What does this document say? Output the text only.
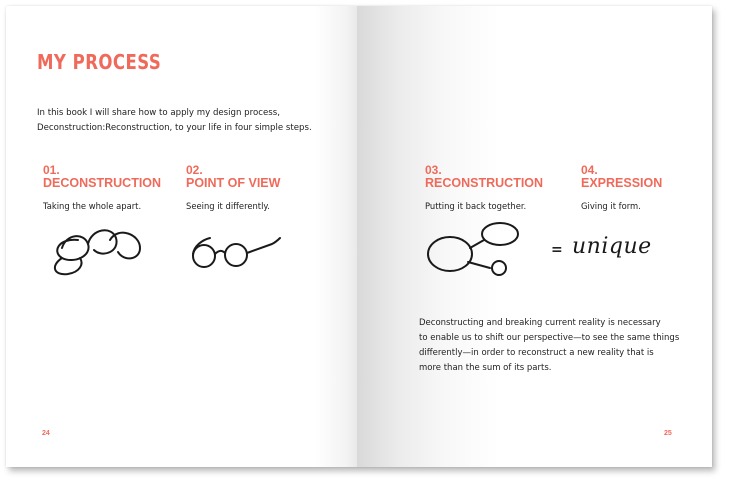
MY PROCESS
In this book I will share how to apply my design process,
Deconstruction:Reconstruction, to your life in four simple steps.
01.
DECONSTRUCTION
Taking the whole apart.
02.
POINT OF VIEW
Seeing it differently.
03.
RECONSTRUCTION
Putting it back together.
04.
EXPRESSION
Giving it form.
= unique
Deconstructing and breaking current reality is necessary
to enable us to shift our perspective—to see the same things
differently—in order to reconstruct a new reality that is
more than the sum of its parts.
24	25
